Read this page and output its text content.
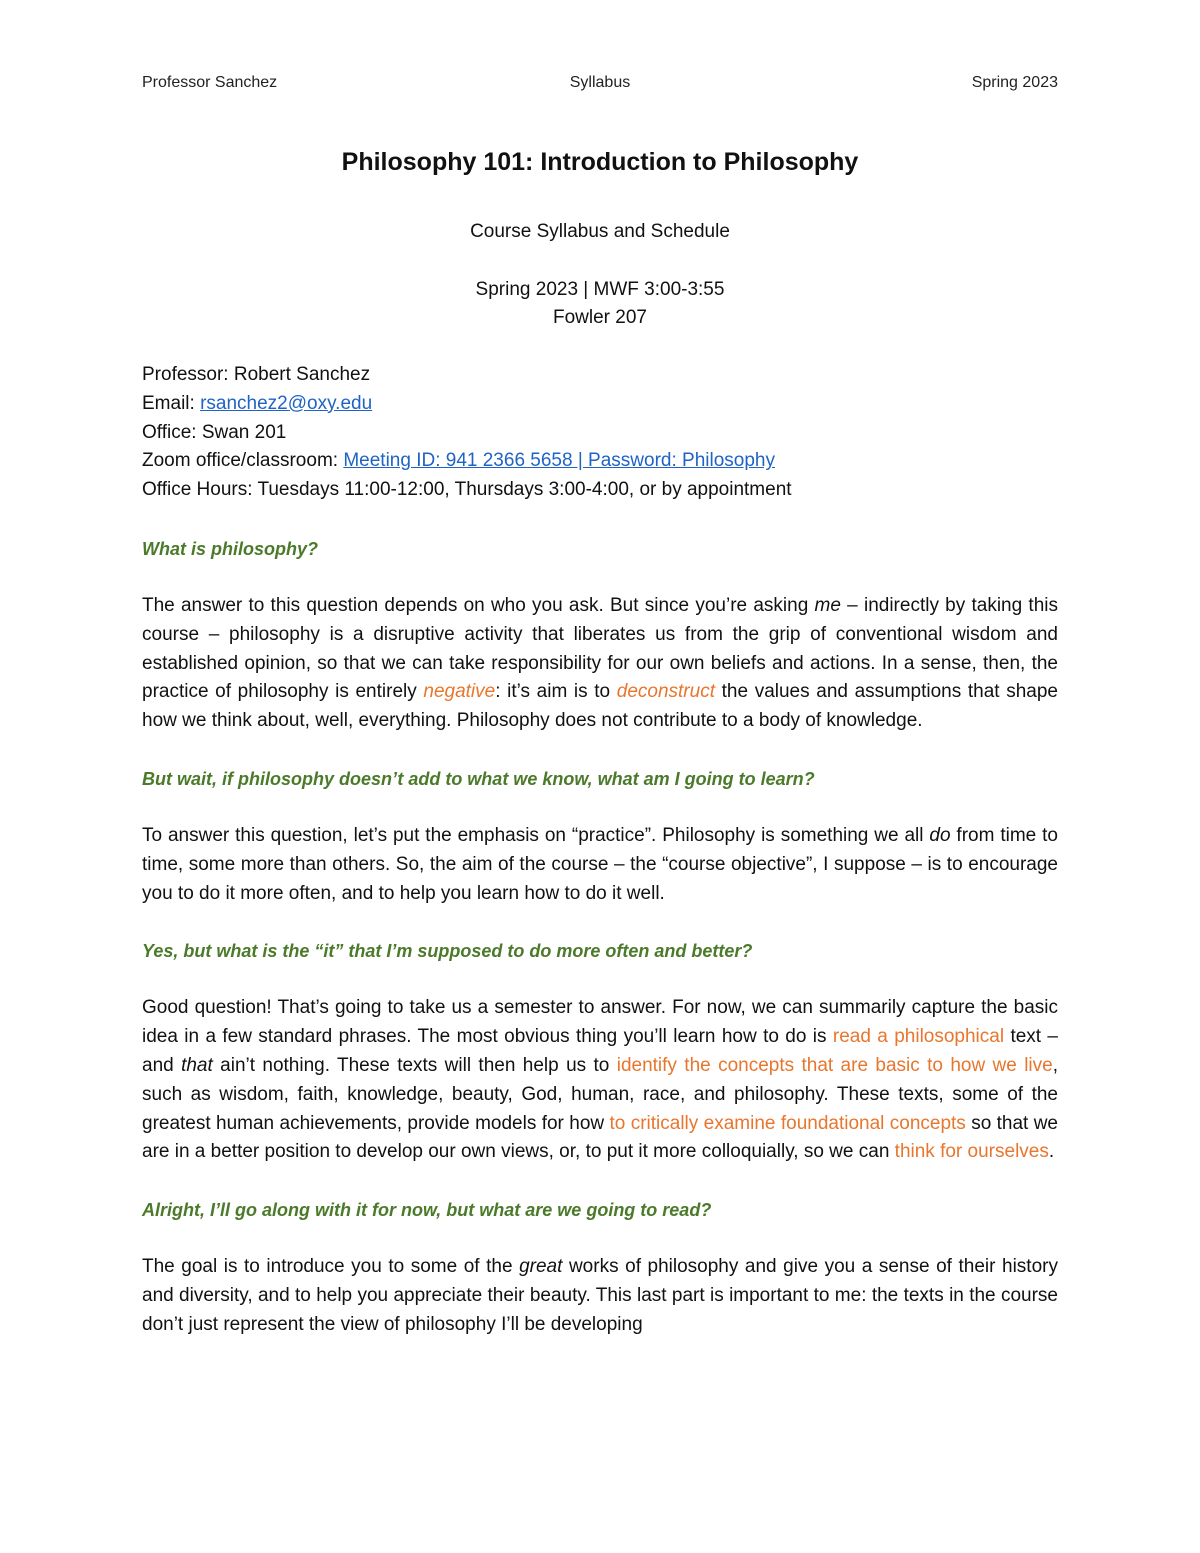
Professor Sanchez	Syllabus	Spring 2023
Philosophy 101: Introduction to Philosophy
Course Syllabus and Schedule
Spring 2023 | MWF 3:00-3:55
Fowler 207
Professor: Robert Sanchez
Email: rsanchez2@oxy.edu
Office: Swan 201
Zoom office/classroom: Meeting ID: 941 2366 5658 | Password: Philosophy
Office Hours: Tuesdays 11:00-12:00, Thursdays 3:00-4:00, or by appointment
What is philosophy?

The answer to this question depends on who you ask. But since you’re asking me – indirectly by taking this course – philosophy is a disruptive activity that liberates us from the grip of conventional wisdom and established opinion, so that we can take responsibility for our own beliefs and actions. In a sense, then, the practice of philosophy is entirely negative: it’s aim is to deconstruct the values and assumptions that shape how we think about, well, everything. Philosophy does not contribute to a body of knowledge.

But wait, if philosophy doesn’t add to what we know, what am I going to learn?

To answer this question, let’s put the emphasis on “practice”. Philosophy is something we all do from time to time, some more than others. So, the aim of the course – the “course objective”, I suppose – is to encourage you to do it more often, and to help you learn how to do it well.

Yes, but what is the “it” that I’m supposed to do more often and better?

Good question! That’s going to take us a semester to answer. For now, we can summarily capture the basic idea in a few standard phrases. The most obvious thing you’ll learn how to do is read a philosophical text – and that ain’t nothing. These texts will then help us to identify the concepts that are basic to how we live, such as wisdom, faith, knowledge, beauty, God, human, race, and philosophy. These texts, some of the greatest human achievements, provide models for how to critically examine foundational concepts so that we are in a better position to develop our own views, or, to put it more colloquially, so we can think for ourselves.

Alright, I’ll go along with it for now, but what are we going to read?

The goal is to introduce you to some of the great works of philosophy and give you a sense of their history and diversity, and to help you appreciate their beauty. This last part is important to me: the texts in the course don’t just represent the view of philosophy I’ll be developing
